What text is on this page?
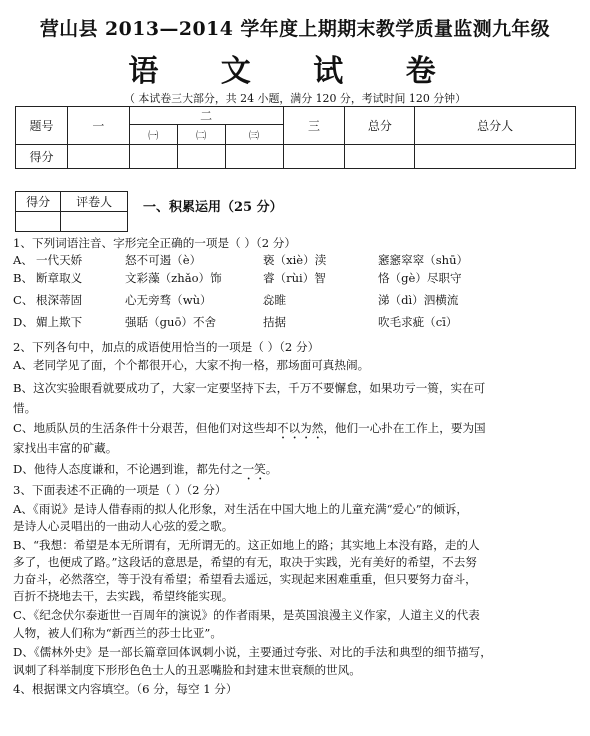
营山县 2013—2014 学年度上期期末教学质量监测九年级
语 文 试 卷
（ 本试卷三大部分，共 24 小题，满分 120 分，考试时间 120 分钟）
题号	一	二			三	总分	总分人
		㈠	㈡	㈢			
得分							
得分	评卷人
	一、积累运用（25 分）
1、下列词语注音、字形完全正确的一项是（ ）（2 分）
A、 一代天娇	怒不可遏（è）	亵（xiè）渎	窸窸窣窣（shū）
B、 断章取义	文彩藻（zhǎo）饰	睿（rùi）智	恪（gè）尽职守
C、 根深蒂固	心无旁骛（wù）	惢睢	涕（dì）泗横流
D、 媚上欺下	强聒（guō）不舍	拮据	吹毛求疵（cī）
2、下列各句中，加点的成语使用恰当的一项是（ ）（2 分）
A、老同学见了面，个个都很开心，大家不拘一格，那场面可真热闹。
B、这次实验眼看就要成功了，大家一定要坚持下去，千万不要懈怠，如果功亏一篑，实在可
惜。
C、地质队员的生活条件十分艰苦，但他们对这些却不以为然，他们一心扑在工作上，要为国
家找出丰富的矿藏。
D、他待人态度谦和，不论遇到谁，都先付之一笑。
3、下面表述不正确的一项是（ ）（2 分）
A、《雨说》是诗人借春雨的拟人化形象，对生活在中国大地上的儿童充满“爱心”的倾诉，
是诗人心灵唱出的一曲动人心弦的爱之歌。
B、“我想：希望是本无所谓有，无所谓无的。这正如地上的路；其实地上本没有路，走的人
多了，也便成了路。”这段话的意思是，希望的有无，取决于实践，光有美好的希望，不去努
力奋斗，必然落空，等于没有希望；希望看去遥远，实现起来困难重重，但只要努力奋斗，
百折不挠地去干，去实践，希望终能实现。
C、《纪念伏尔泰逝世一百周年的演说》的作者雨果，是英国浪漫主义作家，人道主义的代表
人物，被人们称为“新西兰的莎士比亚”。
D、《儒林外史》是一部长篇章回体讽刺小说，主要通过夸张、对比的手法和典型的细节描写，
讽刺了科举制度下形形色色士人的丑恶嘴脸和封建末世衰颓的世风。
4、根据课文内容填空。（6 分，每空 1 分）
